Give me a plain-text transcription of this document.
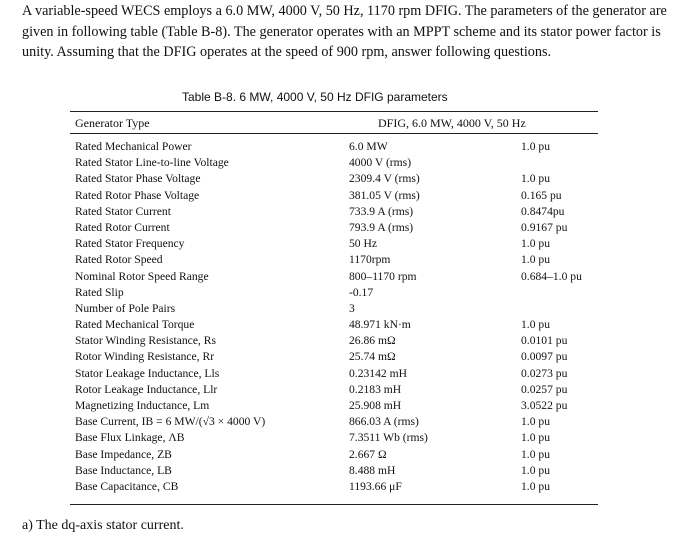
A variable-speed WECS employs a 6.0 MW, 4000 V, 50 Hz, 1170 rpm DFIG. The parameters of the generator are given in following table (Table B-8). The generator operates with an MPPT scheme and its stator power factor is unity. Assuming that the DFIG operates at the speed of 900 rpm, answer following questions.

Table B-8. 6 MW, 4000 V, 50 Hz DFIG parameters
Generator Type	DFIG, 6.0 MW, 4000 V, 50 Hz
Rated Mechanical Power	6.0 MW	1.0 pu
Rated Stator Line-to-line Voltage	4000 V (rms)
Rated Stator Phase Voltage	2309.4 V (rms)	1.0 pu
Rated Rotor Phase Voltage	381.05 V (rms)	0.165 pu
Rated Stator Current	733.9 A (rms)	0.8474pu
Rated Rotor Current	793.9 A (rms)	0.9167 pu
Rated Stator Frequency	50 Hz	1.0 pu
Rated Rotor Speed	1170rpm	1.0 pu
Nominal Rotor Speed Range	800–1170 rpm	0.684–1.0 pu
Rated Slip	-0.17
Number of Pole Pairs	3
Rated Mechanical Torque	48.971 kN·m	1.0 pu
Stator Winding Resistance, Rs	26.86 mΩ	0.0101 pu
Rotor Winding Resistance, Rr	25.74 mΩ	0.0097 pu
Stator Leakage Inductance, Lls	0.23142 mH	0.0273 pu
Rotor Leakage Inductance, Llr	0.2183 mH	0.0257 pu
Magnetizing Inductance, Lm	25.908 mH	3.0522 pu
Base Current, IB = 6 MW/(√3 × 4000 V)	866.03 A (rms)	1.0 pu
Base Flux Linkage, ΛB	7.3511 Wb (rms)	1.0 pu
Base Impedance, ZB	2.667 Ω	1.0 pu
Base Inductance, LB	8.488 mH	1.0 pu
Base Capacitance, CB	1193.66 μF	1.0 pu

a) The dq-axis stator current.
